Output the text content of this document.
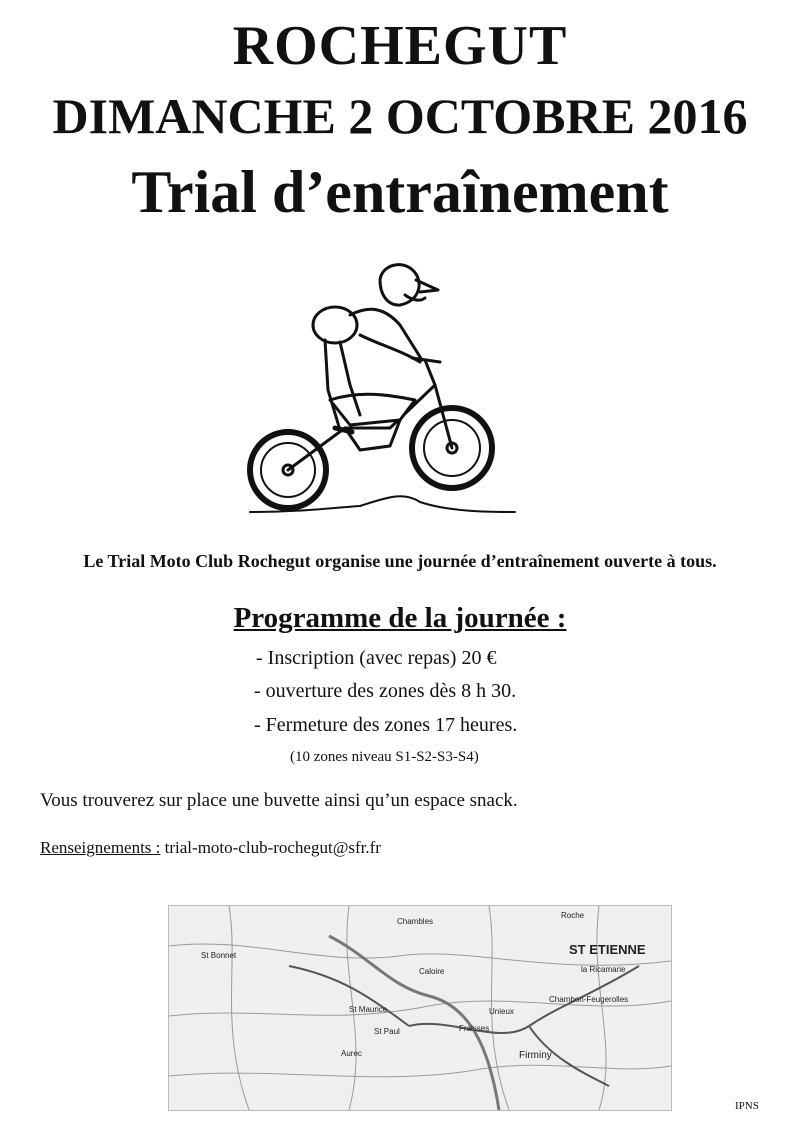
ROCHEGUT
DIMANCHE 2 OCTOBRE 2016
Trial d’entraînement
Le Trial Moto Club Rochegut organise une journée d’entraînement ouverte à tous.
Programme de la journée :
- Inscription (avec repas) 20 €
- ouverture des zones dès 8 h 30.
- Fermeture des zones 17 heures.
(10 zones niveau S1-S2-S3-S4)
Vous trouverez sur place une buvette ainsi qu’un espace snack.
Renseignements : trial-moto-club-rochegut@sfr.fr
ST ETIENNE
Firminy
Chambon-Feugerolles
St Paul
Aurec
St Maurice
Caloire
St Bonnet
la Ricamarie
Chambles
Fraisses
Unieux
Roche
IPNS
